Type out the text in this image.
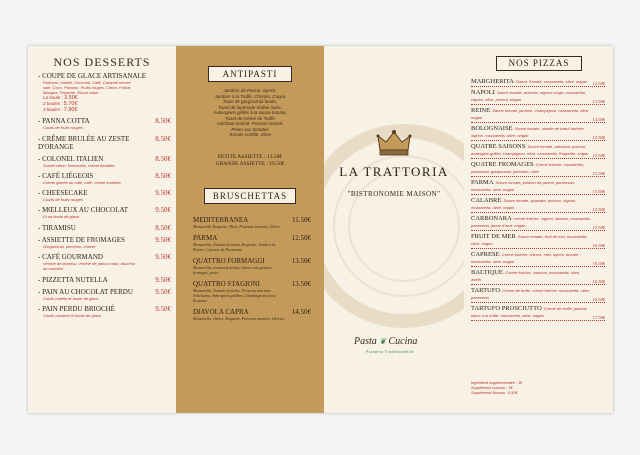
NOS DESSERTS
- COUPE DE GLACE ARTISANALE
Parfums: Vanille, Chocolat, Café, Caramel beurre salé, Coco, Passion, Fruits rouges, Citron, Fraise, Mangue, Pistache, Rhum raisin
La boule : 3.50€
2 boules : 5.70€
3 boules : 7.90€
- PANNA COTTA	8.50€
Coulis de fruits rouges
- CRÊME BRULÉE AU ZESTE D'ORANGE
8.50€
- COLONEL ITALIEN	8.50€
Sorbet citron, limoncello, crème fouettée
- CAFÉ LIÉGEOIS	8.50€
Crème glacée au café, café, crème fouettée
- CHEESECAKE	9.50€
Coulis de fruits rouges
- MŒLLEUX AU CHOCOLAT	9.50€
Et sa boule de glace
- TIRAMISU	8.50€
- ASSIETTE DE FROMAGES	9.50€
Gorgonzola, pecorino, chèvre
- CAFÉ GOURMAND	9.50€
Verrine de tiramisu, verrine de panna cotta, douceur du moment
- PIZZETTA NUTELLA	9.50€
- PAIN AU CHOCOLAT PERDU	9.50€
Coulis nutella et boule de glace
- PAIN PERDU BRIOCHÉ	9.50€
Coulis caramel et boule de glace
ANTIPASTI
Jambon de Parme, Speck,
Jambon à la Truffe, Chorizo, Coppa
Toast de gorgonzola fondu,
Toast de tapenade d'olive noire,
Aubergines grillés à la sauce tomate,
Toast de crème de Truffe
Artichaut mariné, Poivron mariné,
Pesto aux tomates
Tomate confite, Olive
PETITE ASSIETTE : 13.50€
GRANDE ASSIETTE : 19.50€
BRUSCHETTAS
MEDITERRANEA	11.50€
Mozzarella, Roquette, Thon, Poivrons marinés, Olives
PARMA	12.50€
Mozzarella, Tomates fraiches, Roquette, Jambon de Parme, Copeaux de Parmesan
QUATTRO FORMAGGI	13.50€
Mozzarella, tomates fraiches, chèvre aux graines, fromages, pesto
QUATTRO STAGIONI	13.50€
Mozzarella, Tomates fraiches, Poivrons marinés, Artichauts, Aubergines grillées, Champignons frais, Roquette
DIAVOLA CAPRA	14.50€
Mozzarella, chèvre, Roquette, Poivrons marinés, Chorizo
LA TRATTORIA
"BISTRONOMIE MAISON"
Pasta ❦ Cucina
Pizzeria Traditionnelle
NOS PIZZAS
MARGHERITA: Sauce Tomate, mozzarella, olive, origan	12.50€
NAPOLI: Sauce tomate, anchois, oignon rouge, mozzarella, câpres, olive, piment, origan	13.50€
REINE: Sauce tomate, jambon, champignon, mozzarella, olive, origan	14.50€
BOLOGNAISE: Sauce tomate, viande de bœuf hachée, oignon, mozzarella, olive, origan	15.50€
QUATRE SAISONS: Sauce tomate, artichaut, poivron, aubergine grillée, champignon, olive, mozzarella, Roquette, origan 15.50€
QUATRE FROMAGES: Crème fraîche, mozzarella, parmesan, gorgonzola, pecorino, olive	15.50€
PARMA: Sauce tomate, jambon de parme, parmesan, mozzarella, olive, origan	15.50€
CALABRE: Sauce tomate, spianata, poivron, oignon, mozzarella, olive, origan	15.50€
CARBONARA: crème fraîche, oignon, lardons, mozzarella, parmesan, jaune d'œuf, origan	15.50€
FRUIT DE MER: Sauce tomate, fruit de mer, mozzarella, olive, origan	16.50€
CAPRESE: Crème fraîche, chèvre, miel, speck, tomate, mozzarella, olive, origan	16.50€
BALTIQUE: Crème fraîche, saumon, mozzarella, olive, aneth	16.50€
TARTUFO: Crème de truffe, crème fraîche, mozzarella, olive, parmesan	16.50€
TARTUFO PROSCIUTTO: Crème de truffe, jambon blanc à la truffe, mozzarella, olive, origan	17.50€
Ingrédient supplémentaire : 1€
Supplément cuisson : 3€
Supplément Burrata : 5.50€
